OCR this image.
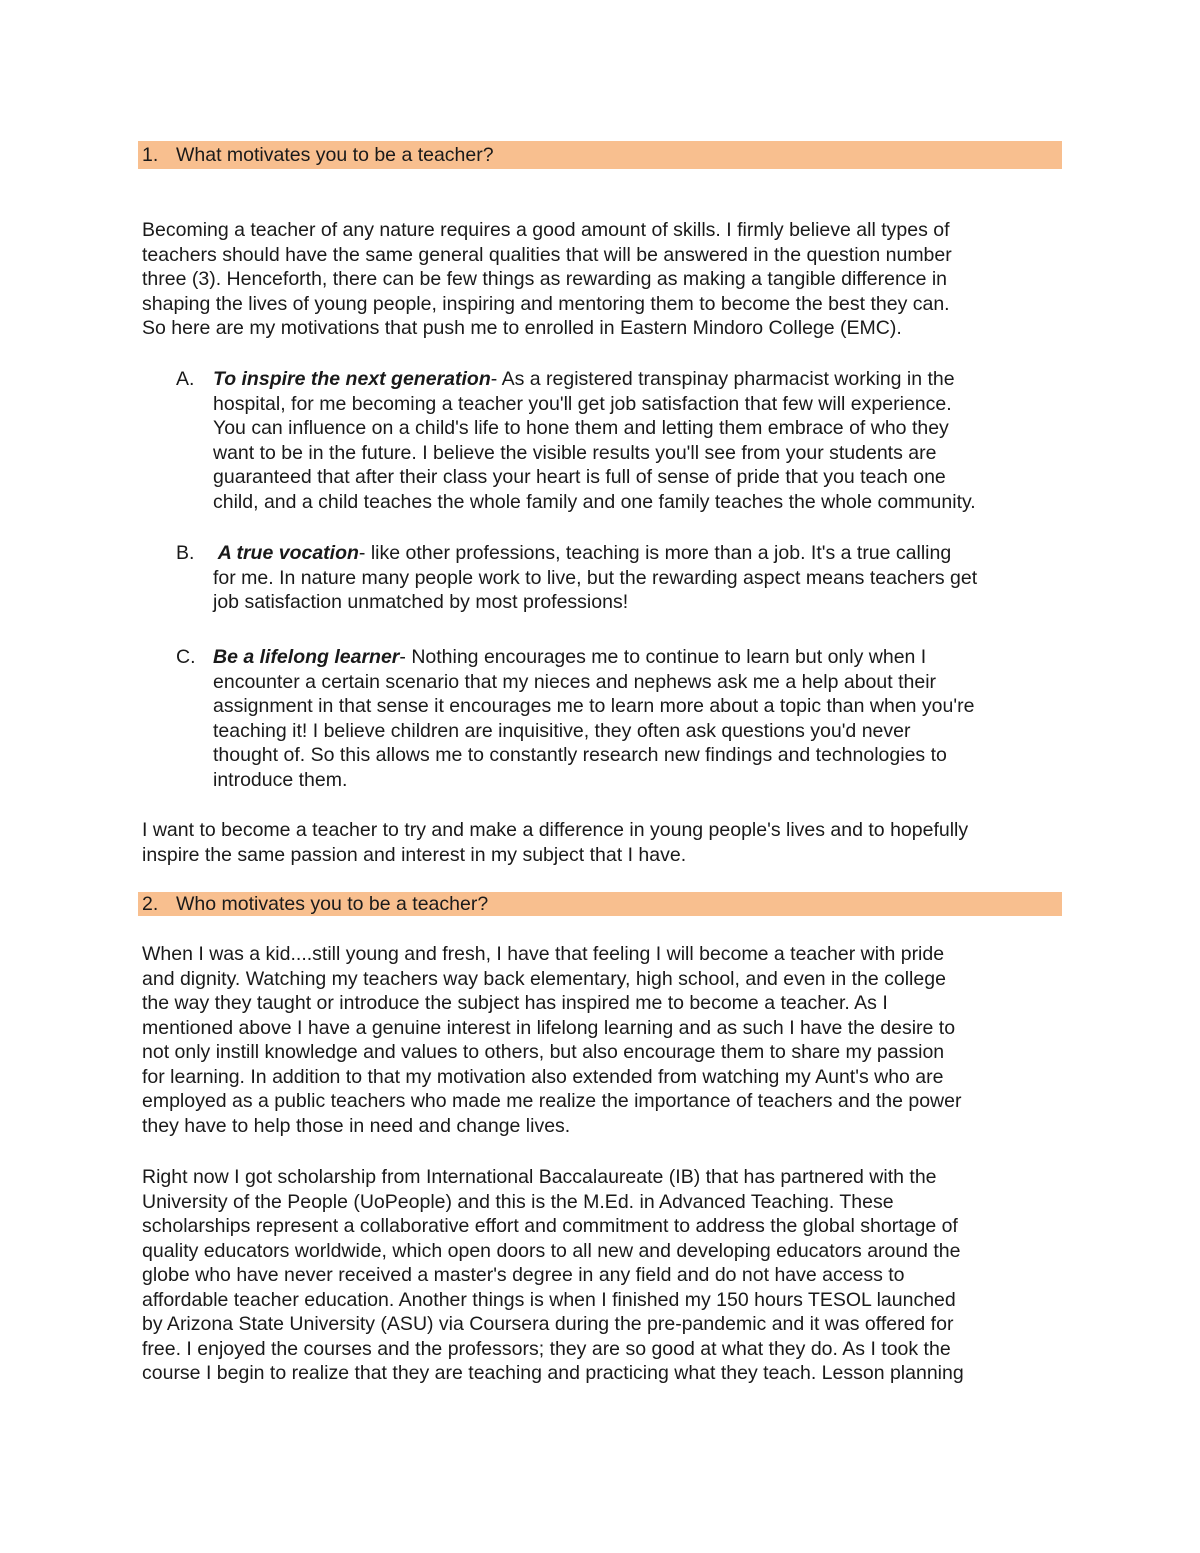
1. What motivates you to be a teacher?
Becoming a teacher of any nature requires a good amount of skills. I firmly believe all types of
teachers should have the same general qualities that will be answered in the question number
three (3). Henceforth, there can be few things as rewarding as making a tangible difference in
shaping the lives of young people, inspiring and mentoring them to become the best they can.
So here are my motivations that push me to enrolled in Eastern Mindoro College (EMC).
A. To inspire the next generation- As a registered transpinay pharmacist working in the
hospital, for me becoming a teacher you'll get job satisfaction that few will experience.
You can influence on a child's life to hone them and letting them embrace of who they
want to be in the future. I believe the visible results you'll see from your students are
guaranteed that after their class your heart is full of sense of pride that you teach one
child, and a child teaches the whole family and one family teaches the whole community.
B. A true vocation- like other professions, teaching is more than a job. It's a true calling
for me. In nature many people work to live, but the rewarding aspect means teachers get
job satisfaction unmatched by most professions!
C. Be a lifelong learner- Nothing encourages me to continue to learn but only when I
encounter a certain scenario that my nieces and nephews ask me a help about their
assignment in that sense it encourages me to learn more about a topic than when you're
teaching it! I believe children are inquisitive, they often ask questions you'd never
thought of. So this allows me to constantly research new findings and technologies to
introduce them.
I want to become a teacher to try and make a difference in young people's lives and to hopefully
inspire the same passion and interest in my subject that I have.
2. Who motivates you to be a teacher?
When I was a kid....still young and fresh, I have that feeling I will become a teacher with pride
and dignity. Watching my teachers way back elementary, high school, and even in the college
the way they taught or introduce the subject has inspired me to become a teacher. As I
mentioned above I have a genuine interest in lifelong learning and as such I have the desire to
not only instill knowledge and values to others, but also encourage them to share my passion
for learning. In addition to that my motivation also extended from watching my Aunt's who are
employed as a public teachers who made me realize the importance of teachers and the power
they have to help those in need and change lives.
Right now I got scholarship from International Baccalaureate (IB) that has partnered with the
University of the People (UoPeople) and this is the M.Ed. in Advanced Teaching. These
scholarships represent a collaborative effort and commitment to address the global shortage of
quality educators worldwide, which open doors to all new and developing educators around the
globe who have never received a master's degree in any field and do not have access to
affordable teacher education. Another things is when I finished my 150 hours TESOL launched
by Arizona State University (ASU) via Coursera during the pre-pandemic and it was offered for
free. I enjoyed the courses and the professors; they are so good at what they do. As I took the
course I begin to realize that they are teaching and practicing what they teach. Lesson planning
